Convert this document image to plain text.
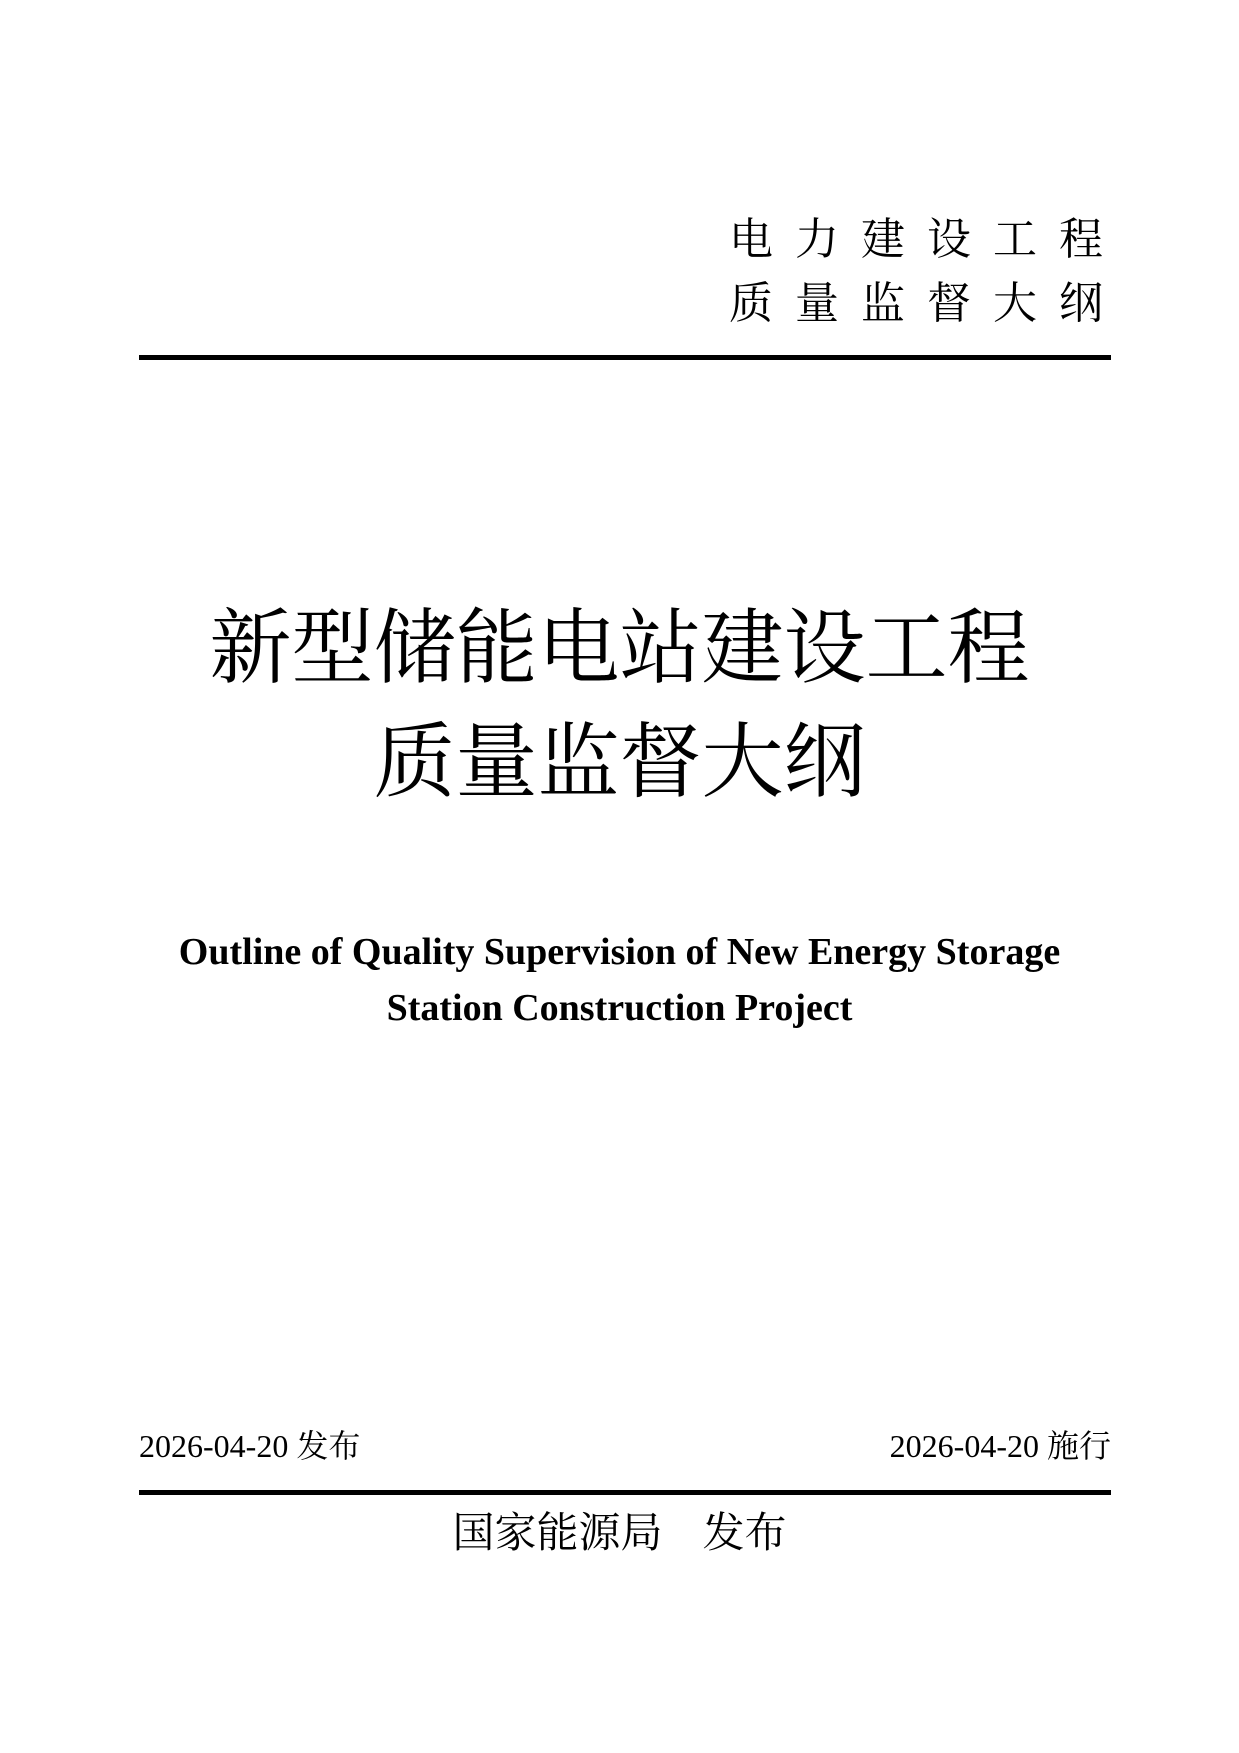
电力建设工程
质量监督大纲
新型储能电站建设工程
质量监督大纲
Outline of Quality Supervision of New Energy Storage
Station Construction Project
2026-04-20 发布	2026-04-20 施行
国家能源局   发布
